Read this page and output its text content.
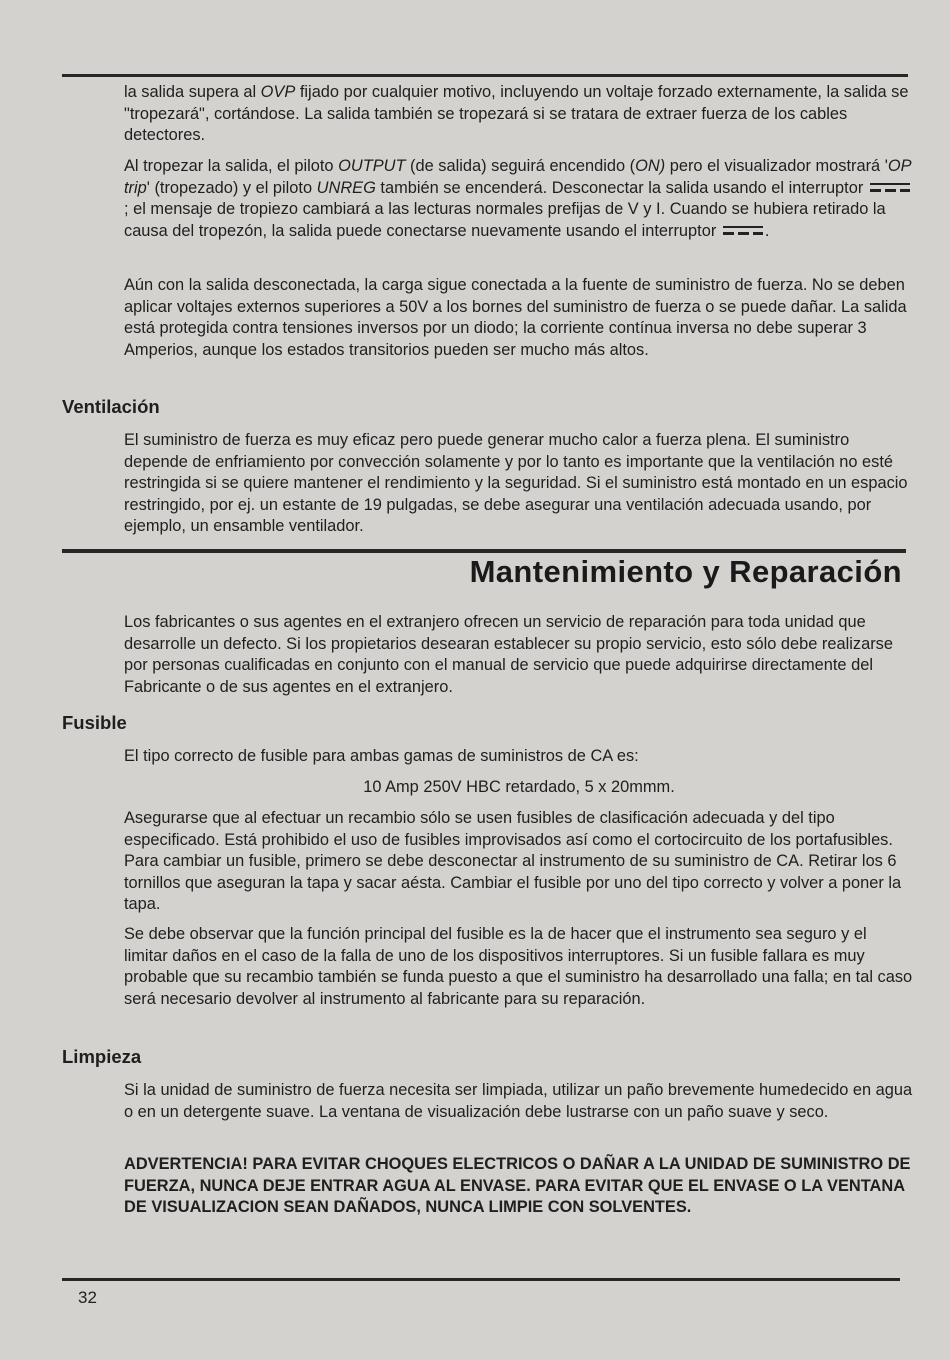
la salida supera al OVP fijado por cualquier motivo, incluyendo un voltaje forzado externamente, la salida se "tropezará", cortándose. La salida también se tropezará si se tratara de extraer fuerza de los cables detectores.

Al tropezar la salida, el piloto OUTPUT (de salida) seguirá encendido (ON) pero el visualizador mostrará 'OP trip' (tropezado) y el piloto UNREG también se encenderá. Desconectar la salida usando el interruptor  ; el mensaje de tropiezo cambiará a las lecturas normales prefijas de V y I. Cuando se hubiera retirado la causa del tropezón, la salida puede conectarse nuevamente usando el interruptor	.

Aún con la salida desconectada, la carga sigue conectada a la fuente de suministro de fuerza. No se deben aplicar voltajes externos superiores a 50V a los bornes del suministro de fuerza o se puede dañar. La salida está protegida contra tensiones inversos por un diodo; la corriente contínua inversa no debe superar 3 Amperios, aunque los estados transitorios pueden ser mucho más altos.

Ventilación

El suministro de fuerza es muy eficaz pero puede generar mucho calor a fuerza plena. El suministro depende de enfriamiento por convección solamente y por lo tanto es importante que la ventilación no esté restringida si se quiere mantener el rendimiento y la seguridad. Si el suministro está montado en un espacio restringido, por ej. un estante de 19 pulgadas, se debe asegurar una ventilación adecuada usando, por ejemplo, un ensamble ventilador.

Mantenimiento y Reparación

Los fabricantes o sus agentes en el extranjero ofrecen un servicio de reparación para toda unidad que desarrolle un defecto. Si los propietarios desearan establecer su propio servicio, esto sólo debe realizarse por personas cualificadas en conjunto con el manual de servicio que puede adquirirse directamente del Fabricante o de sus agentes en el extranjero.

Fusible

El tipo correcto de fusible para ambas gamas de suministros de CA es:

10 Amp 250V HBC retardado, 5 x 20mmm.

Asegurarse que al efectuar un recambio sólo se usen fusibles de clasificación adecuada y del tipo especificado. Está prohibido el uso de fusibles improvisados así como el cortocircuito de los portafusibles. Para cambiar un fusible, primero se debe desconectar al instrumento de su suministro de CA. Retirar los 6 tornillos que aseguran la tapa y sacar aésta. Cambiar el fusible por uno del tipo correcto y volver a poner la tapa.

Se debe observar que la función principal del fusible es la de hacer que el instrumento sea seguro y el limitar daños en el caso de la falla de uno de los dispositivos interruptores. Si un fusible fallara es muy probable que su recambio también se funda puesto a que el suministro ha desarrollado una falla; en tal caso será necesario devolver al instrumento al fabricante para su reparación.

Limpieza

Si la unidad de suministro de fuerza necesita ser limpiada, utilizar un paño brevemente humedecido en agua o en un detergente suave. La ventana de visualización debe lustrarse con un paño suave y seco.

ADVERTENCIA! PARA EVITAR CHOQUES ELECTRICOS O DAÑAR A LA UNIDAD DE SUMINISTRO DE FUERZA, NUNCA DEJE ENTRAR AGUA AL ENVASE. PARA EVITAR QUE EL ENVASE O LA VENTANA DE VISUALIZACION SEAN DAÑADOS, NUNCA LIMPIE CON SOLVENTES.

32
